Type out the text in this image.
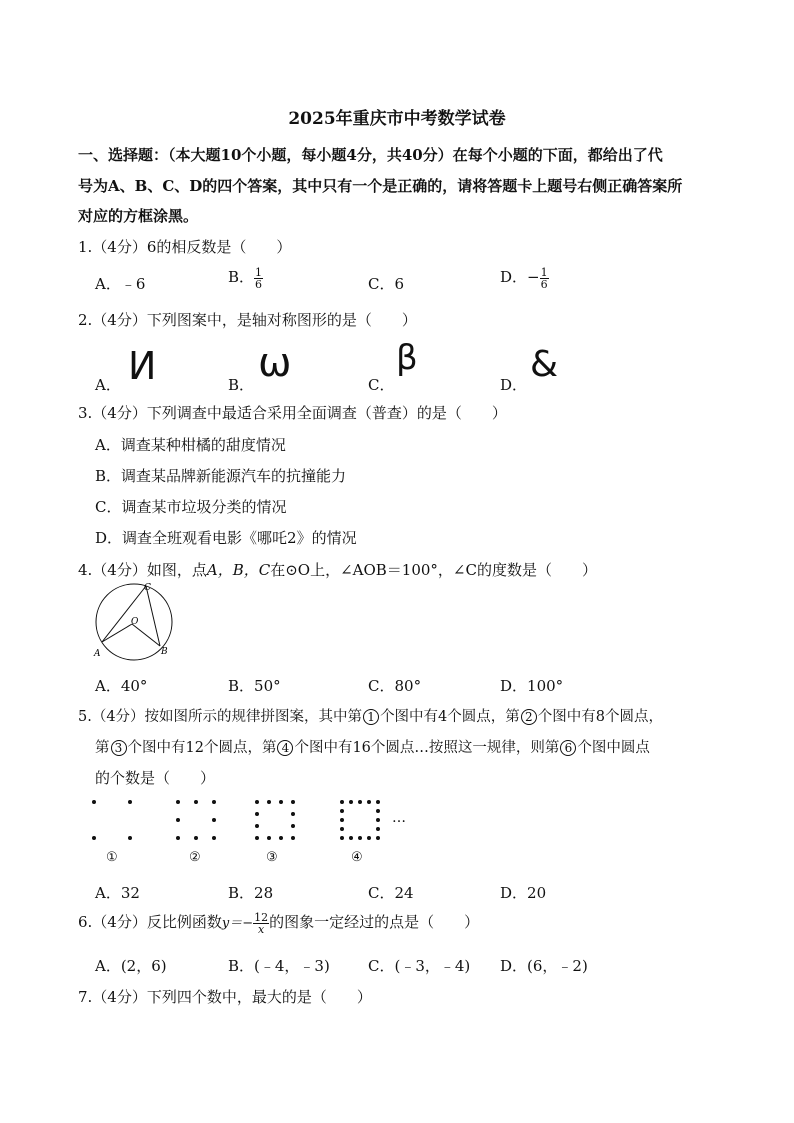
2025年重庆市中考数学试卷
一、选择题：（本大题10个小题，每小题4分，共40分）在每个小题的下面，都给出了代
号为A、B、C、D的四个答案，其中只有一个是正确的，请将答题卡上题号右侧正确答案所
对应的方框涂黑。
1.（4分）6的相反数是（　　）
A．﹣6	B． $\frac{1}{6}$	C．6	D．− $\frac{1}{6}$
2.（4分）下列图案中，是轴对称图形的是（　　）
A． И	B． ω	C．
β
D． &
3.（4分）下列调查中最适合采用全面调查（普查）的是（　　）
A．调查某种柑橘的甜度情况
B．调查某品牌新能源汽车的抗撞能力
C．调查某市垃圾分类的情况
D．调查全班观看电影《哪吒2》的情况
4.（4分）如图，点A，B，C在⊙O上，∠AOB＝100°，∠C的度数是（　　）
C
O
A	B
A．40°	B．50°	C．80°	D．100°
5.（4分）按如图所示的规律拼图案，其中第 1 个图中有4个圆点，第 2 个图中有8个圆点，
第 3 个图中有12个圆点，第 4 个图中有16个圆点…按照这一规律，则第 6 个图中圆点
的个数是（　　）
①	②	③	④
…
A．32	B．28	C．24	D．20
6.（4分）反比例函数$y=- \frac{12}{x}$ 的图象一定经过的点是（　　）
A．(2，6)	B．(﹣4，﹣3)	C．(﹣3，﹣4) D．(6，﹣2)
7.（4分）下列四个数中，最大的是（　　）
